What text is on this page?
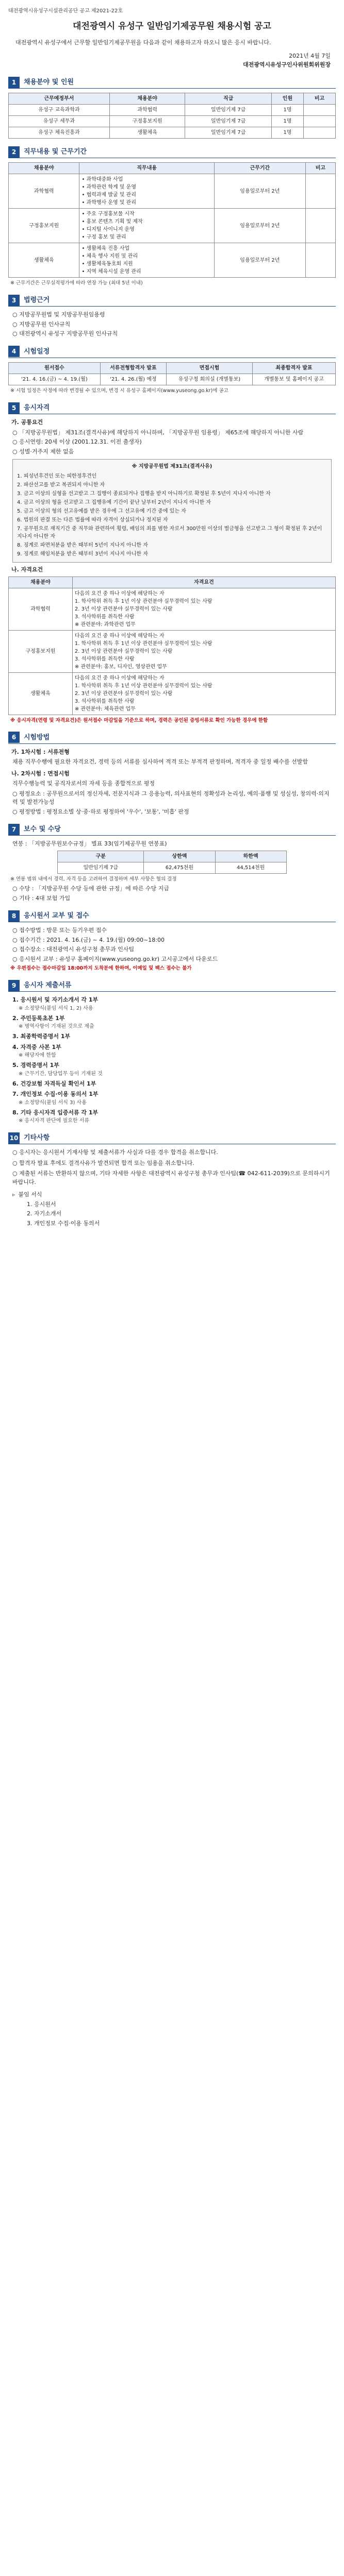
대전광역시유성구시설관리공단 공고 제2021-22호
대전광역시 유성구 일반임기제공무원 채용시험 공고
대전광역시 유성구에서 근무할 일반임기제공무원을 다음과 같이 채용하고자 하오니 많은 응시 바랍니다.
2021년 4월 7일
대전광역시유성구인사위원회위원장
1	채용분야 및 인원
근무예정부서	채용분야	직급	인원	비고
유성구 교육과학과	과학협력	일반임기제 7급	1명	
유성구 세무과	구정홍보지원	일반임기제 7급	1명	
유성구 체육진흥과	생활체육	일반임기제 7급	1명	
2	직무내용 및 근무기간
채용분야	직무내용	근무기간	비고
과학협력	• 과학대중화 사업
• 과학관련 학계 및 운영
• 협력과제 발굴 및 관리
• 과학행사 운영 및 관리	임용일로부터 2년	
구정홍보지원	• 주요 구정홍보물 시작
• 홍보 콘텐츠 기획 및 제작
• 디지털 사이니지 운영
• 구정 홍보 및 관리	임용일로부터 2년	
생활체육	• 생활체육 진흥 사업
• 체육 행사 지원 및 관리
• 생활체육동호회 지원
• 지역 체육시설 운영 관리	임용일로부터 2년	
※ 근무기간은 근무실적평가에 따라 연장 가능 (최대 5년 이내)
3	법령근거
○ 지방공무원법 및 지방공무원임용령
○ 지방공무원 인사규칙
○ 대전광역시 유성구 지방공무원 인사규칙
4	시험일정
원서접수	서류전형합격자 발표	면접시험	최종합격자 발표
'21. 4. 16.(금) ~ 4. 19.(월)	'21. 4. 26.(월) 예정	유성구청 회의실 (개별통보)	개별통보 및 홈페이지 공고
※ 시험 일정은 사정에 따라 변경될 수 있으며, 변경 시 유성구 홈페이지(www.yuseong.go.kr)에 공고
5	응시자격
가. 공통요건
○ 「지방공무원법」 제31조(결격사유)에 해당하지 아니하며, 「지방공무원 임용령」 제65조에 해당하지 아니한 사람
○ 응시연령: 20세 이상 (2001.12.31. 이전 출생자)
○ 성별·거주지 제한 없음
※ 지방공무원법 제31조(결격사유)

1. 피성년후견인 또는 피한정후견인

2. 파산선고를 받고 복권되지 아니한 자

3. 금고 이상의 실형을 선고받고 그 집행이 종료되거나 집행을 받지 아니하기로 확정된 후 5년이 지나지 아니한 자

4. 금고 이상의 형을 선고받고 그 집행유예 기간이 끝난 날부터 2년이 지나지 아니한 자

5. 금고 이상의 형의 선고유예를 받은 경우에 그 선고유예 기간 중에 있는 자

6. 법원의 판결 또는 다른 법률에 따라 자격이 상실되거나 정지된 자

7. 공무원으로 재직기간 중 직무와 관련하여 횡령, 배임의 죄를 범한 자로서 300만원 이상의 벌금형을 선고받고 그 형이 확정된 후 2년이 지나지 아니한 자

8. 징계로 파면처분을 받은 때부터 5년이 지나지 아니한 자

9. 징계로 해임처분을 받은 때부터 3년이 지나지 아니한 자

나. 자격요건
채용분야	자격요건
과학협력	다음의 요건 중 하나 이상에 해당하는 자
1. 학사학위 취득 후 1년 이상 관련분야 실무경력이 있는 사람
2. 3년 이상 관련분야 실무경력이 있는 사람
3. 석사학위를 취득한 사람
※ 관련분야: 과학관련 업무

구정홍보지원	다음의 요건 중 하나 이상에 해당하는 자
1. 학사학위 취득 후 1년 이상 관련분야 실무경력이 있는 사람
2. 3년 이상 관련분야 실무경력이 있는 사람
3. 석사학위를 취득한 사람
※ 관련분야: 홍보, 디자인, 영상관련 업무

생활체육	다음의 요건 중 하나 이상에 해당하는 자
1. 학사학위 취득 후 1년 이상 관련분야 실무경력이 있는 사람
2. 3년 이상 관련분야 실무경력이 있는 사람
3. 석사학위를 취득한 사람
※ 관련분야: 체육관련 업무
※ 응시자격(연령 및 자격요건)은 원서접수 마감일을 기준으로 하며, 경력은 공인된 증빙서류로 확인 가능한 경우에 한함
6	시험방법
가. 1차시험 : 서류전형
채용 직무수행에 필요한 자격요건, 경력 등의 서류를 심사하여 적격 또는 부적격 판정하며, 적격자 중 일정 배수를 선발함
나. 2차시험 : 면접시험
직무수행능력 및 공직자로서의 자세 등을 종합적으로 평정
○ 평정요소 : 공무원으로서의 정신자세, 전문지식과 그 응용능력, 의사표현의 정확성과 논리성, 예의·품행 및 성실성, 창의력·의지력 및 발전가능성
○ 평정방법 : 평정요소별 상·중·하로 평정하여 '우수', '보통', '미흡' 판정
7	보수 및 수당
연봉 : 「지방공무원보수규정」 별표 33(임기제공무원 연봉표)
구분	상한액	하한액
일반임기제 7급	62,475천원	44,514천원
※ 연봉 범위 내에서 경력, 자격 등을 고려하여 결정하며 세부 사항은 협의 결정
○ 수당 : 「지방공무원 수당 등에 관한 규정」에 따른 수당 지급
○ 기타 : 4대 보험 가입
8	응시원서 교부 및 접수
○ 접수방법 : 방문 또는 등기우편 접수
○ 접수기간 : 2021. 4. 16.(금) ~ 4. 19.(월) 09:00~18:00
○ 접수장소 : 대전광역시 유성구청 총무과 인사팀
○ 응시원서 교부 : 유성구 홈페이지(www.yuseong.go.kr) 고시공고에서 다운로드
※ 우편접수는 접수마감일 18:00까지 도착분에 한하며, 이메일 및 팩스 접수는 불가
9	응시자 제출서류
1. 응시원서 및 자기소개서 각 1부
※ 소정양식(붙임 서식 1, 2) 사용
2. 주민등록초본 1부
※ 병역사항이 기재된 것으로 제출
3. 최종학력증명서 1부
4. 자격증 사본 1부
※ 해당자에 한함
5. 경력증명서 1부
※ 근무기간, 담당업무 등이 기재된 것
6. 건강보험 자격득실 확인서 1부
7. 개인정보 수집·이용 동의서 1부
※ 소정양식(붙임 서식 3) 사용
8. 기타 응시자격 입증서류 각 1부
※ 응시자격 판단에 필요한 서류
10 기타사항

○ 응시자는 응시원서 기재사항 및 제출서류가 사실과 다를 경우 합격을 취소합니다.

○ 합격자 발표 후에도 결격사유가 발견되면 합격 또는 임용을 취소합니다.

○ 제출된 서류는 반환하지 않으며, 기타 자세한 사항은 대전광역시 유성구청 총무과 인사팀(☎ 042-611-2039)으로 문의하시기 바랍니다.

▹ 붙임 서식
1. 응시원서
2. 자기소개서
3. 개인정보 수집·이용 동의서
